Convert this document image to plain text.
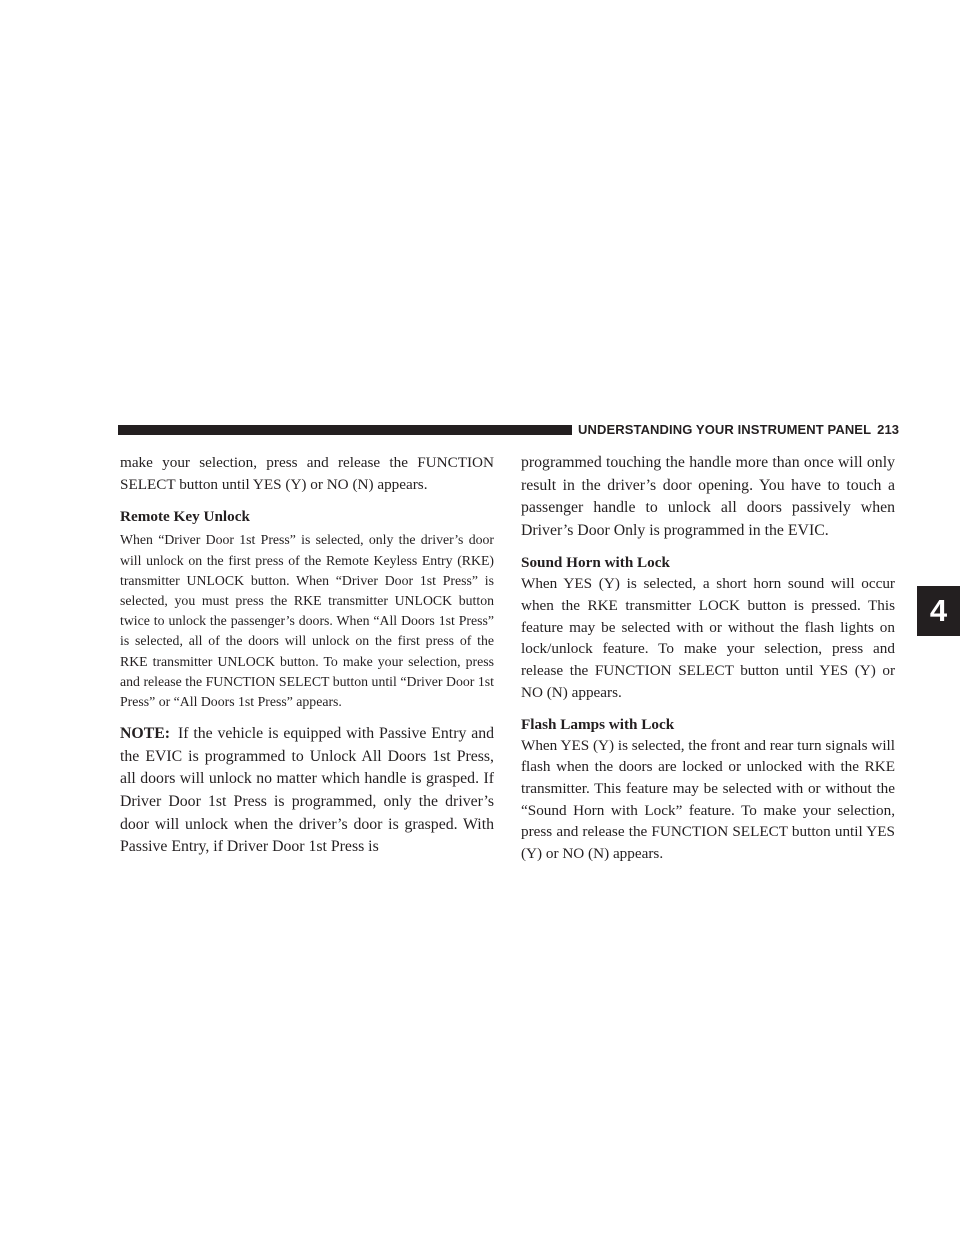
UNDERSTANDING YOUR INSTRUMENT PANEL 213
4

make your selection, press and release the FUNCTION SELECT button until YES (Y) or NO (N) appears.

Remote Key Unlock

When “Driver Door 1st Press” is selected, only the driver’s door will unlock on the first press of the Remote Keyless Entry (RKE) transmitter UNLOCK button. When “Driver Door 1st Press” is selected, you must press the RKE transmitter UNLOCK button twice to unlock the passenger’s doors. When “All Doors 1st Press” is selected, all of the doors will unlock on the first press of the RKE transmitter UNLOCK button. To make your selection, press and release the FUNCTION SELECT button until “Driver Door 1st Press” or “All Doors 1st Press” appears.

NOTE: If the vehicle is equipped with Passive Entry and the EVIC is programmed to Unlock All Doors 1st Press, all doors will unlock no matter which handle is grasped. If Driver Door 1st Press is programmed, only the driver’s door will unlock when the driver’s door is grasped. With Passive Entry, if Driver Door 1st Press is

programmed touching the handle more than once will only result in the driver’s door opening. You have to touch a passenger handle to unlock all doors passively when Driver’s Door Only is programmed in the EVIC.

Sound Horn with Lock

When YES (Y) is selected, a short horn sound will occur when the RKE transmitter LOCK button is pressed. This feature may be selected with or without the flash lights on lock/unlock feature. To make your selection, press and release the FUNCTION SELECT button until YES (Y) or NO (N) appears.

Flash Lamps with Lock

When YES (Y) is selected, the front and rear turn signals will flash when the doors are locked or unlocked with the RKE transmitter. This feature may be selected with or without the “Sound Horn with Lock” feature. To make your selection, press and release the FUNCTION SELECT button until YES (Y) or NO (N) appears.
